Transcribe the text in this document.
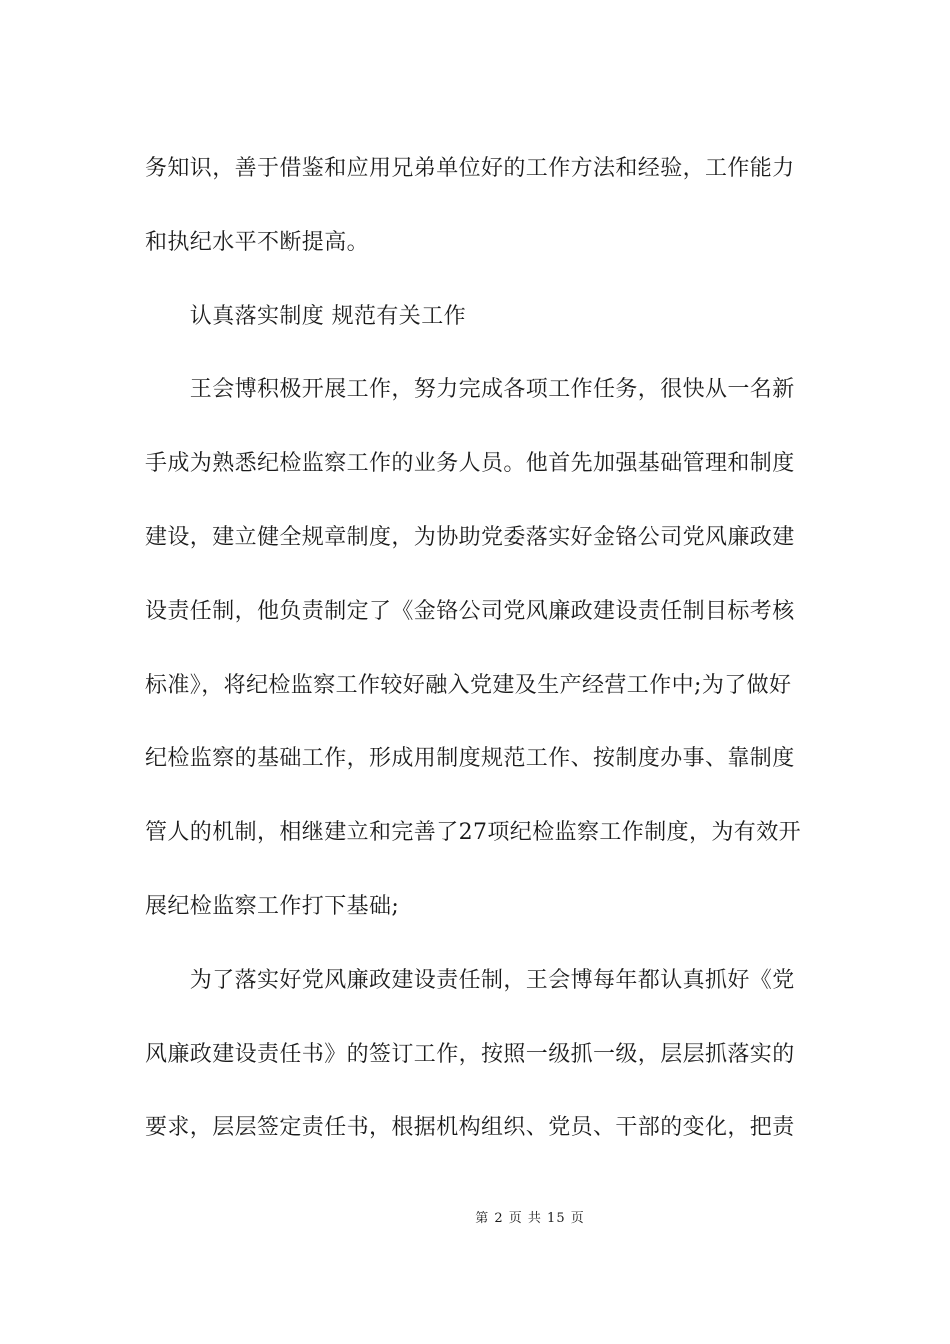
务知识，善于借鉴和应用兄弟单位好的工作方法和经验，工作能力

和执纪水平不断提高。

　　认真落实制度 规范有关工作

　　王会博积极开展工作，努力完成各项工作任务，很快从一名新

手成为熟悉纪检监察工作的业务人员。他首先加强基础管理和制度

建设，建立健全规章制度，为协助党委落实好金铬公司党风廉政建

设责任制，他负责制定了《金铬公司党风廉政建设责任制目标考核

标准》，将纪检监察工作较好融入党建及生产经营工作中;为了做好

纪检监察的基础工作，形成用制度规范工作、按制度办事、靠制度

管人的机制，相继建立和完善了27项纪检监察工作制度，为有效开

展纪检监察工作打下基础;

　　为了落实好党风廉政建设责任制，王会博每年都认真抓好《党

风廉政建设责任书》的签订工作，按照一级抓一级，层层抓落实的

要求，层层签定责任书，根据机构组织、党员、干部的变化，把责

第 2 页 共 15 页
